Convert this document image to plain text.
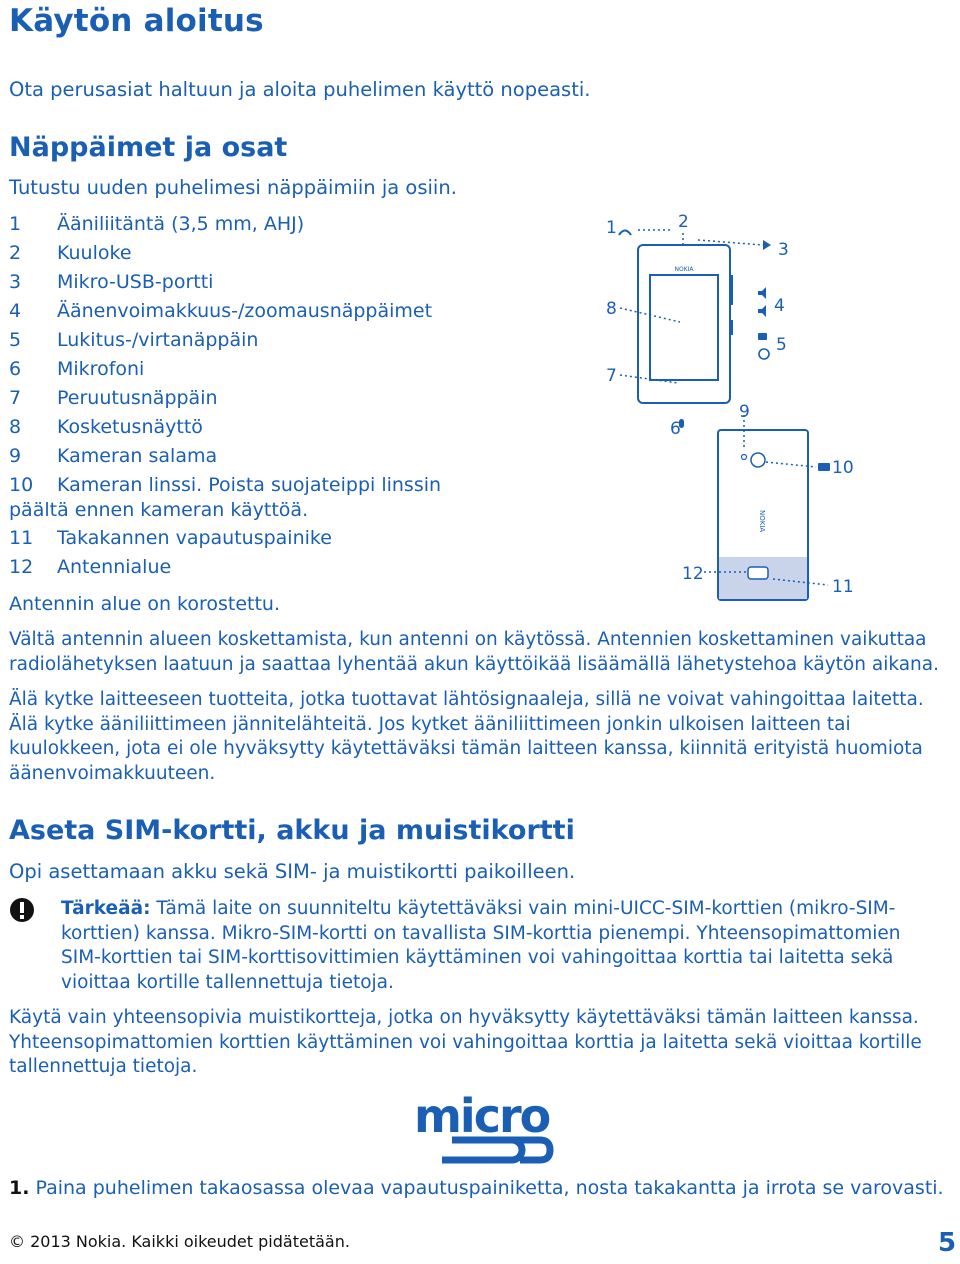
Käytön aloitus
Ota perusasiat haltuun ja aloita puhelimen käyttö nopeasti.
Näppäimet ja osat
Tutustu uuden puhelimesi näppäimiin ja osiin.
1 Ääniliitäntä (3,5 mm, AHJ)
2 Kuuloke
3 Mikro-USB-portti
4 Äänenvoimakkuus-/zoomausnäppäimet
5 Lukitus-/virtanäppäin
6 Mikrofoni
7 Peruutusnäppäin
8 Kosketusnäyttö
9 Kameran salama
10 Kameran linssi. Poista suojateippi linssin
päältä ennen kameran käyttöä.
11 Takakannen vapautuspainike
12 Antennialue
Antennin alue on korostettu.
Vältä antennin alueen koskettamista, kun antenni on käytössä. Antennien koskettaminen vaikuttaa radiolähetyksen laatuun ja saattaa lyhentää akun käyttöikää lisäämällä lähetystehoa käytön aikana.
Älä kytke laitteeseen tuotteita, jotka tuottavat lähtösignaaleja, sillä ne voivat vahingoittaa laitetta. Älä kytke ääniliittimeen jännitelähteitä. Jos kytket ääniliittimeen jonkin ulkoisen laitteen tai kuulokkeen, jota ei ole hyväksytty käytettäväksi tämän laitteen kanssa, kiinnitä erityistä huomiota äänenvoimakkuuteen.
NOKIA
NOKIA
1	2
3
4
5
6
7
8
9
10
11
12
Aseta SIM-kortti, akku ja muistikortti
Opi asettamaan akku sekä SIM- ja muistikortti paikoilleen.
Tärkeää: Tämä laite on suunniteltu käytettäväksi vain mini-UICC-SIM-korttien (mikro-SIM-korttien) kanssa. Mikro-SIM-kortti on tavallista SIM-korttia pienempi. Yhteensopimattomien SIM-korttien tai SIM-korttisovittimien käyttäminen voi vahingoittaa korttia tai laitetta sekä vioittaa kortille tallennettuja tietoja.
Käytä vain yhteensopivia muistikortteja, jotka on hyväksytty käytettäväksi tämän laitteen kanssa. Yhteensopimattomien korttien käyttäminen voi vahingoittaa korttia ja laitetta sekä vioittaa kortille tallennettuja tietoja.
micro
1. Paina puhelimen takaosassa olevaa vapautuspainiketta, nosta takakantta ja irrota se varovasti.
© 2013 Nokia. Kaikki oikeudet pidätetään.	5
